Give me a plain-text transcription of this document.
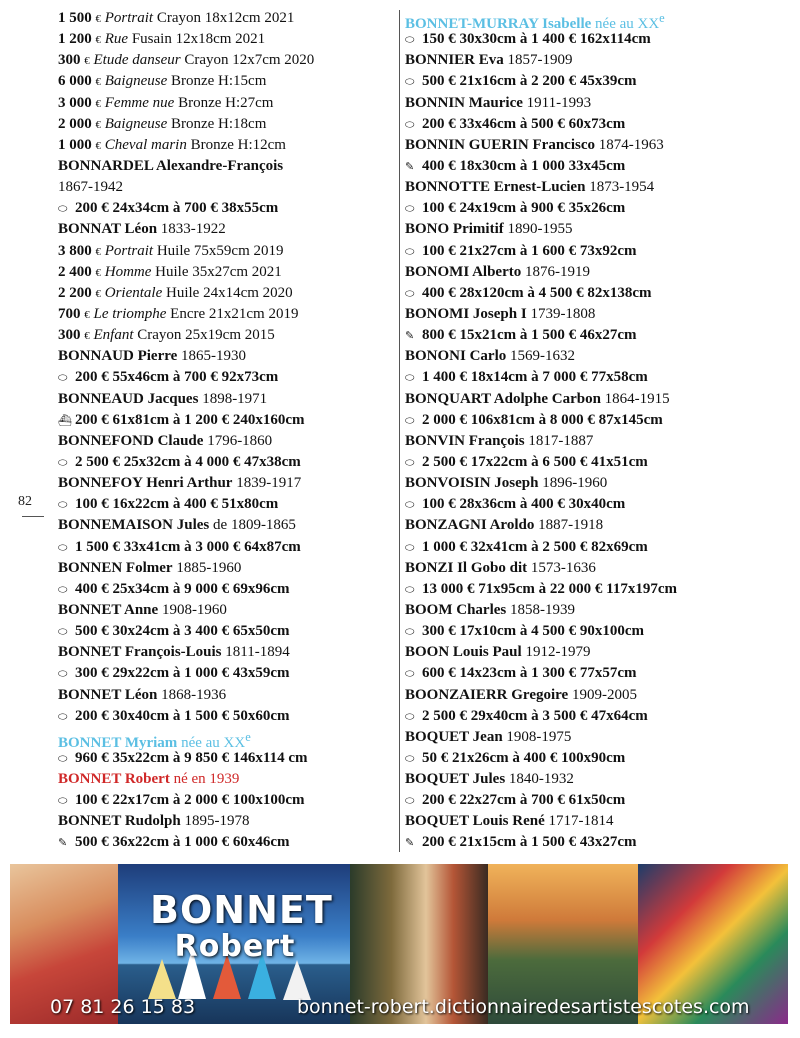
82
1 500 € Portrait Crayon 18x12cm 2021
1 200 € Rue Fusain 12x18cm 2021
300 € Etude danseur Crayon 12x7cm 2020
6 000 € Baigneuse Bronze H:15cm
3 000 € Femme nue Bronze H:27cm
2 000 € Baigneuse Bronze H:18cm
1 000 € Cheval marin Bronze H:12cm
BONNARDEL Alexandre-François
1867-1942
⬭ 200 € 24x34cm à 700 € 38x55cm
BONNAT Léon 1833-1922
3 800 € Portrait Huile 75x59cm 2019
2 400 € Homme Huile 35x27cm 2021
2 200 € Orientale Huile 24x14cm 2020
700 € Le triomphe Encre 21x21cm 2019
300 € Enfant Crayon 25x19cm 2015
BONNAUD Pierre 1865-1930
⬭ 200 € 55x46cm à 700 € 92x73cm
BONNEAUD Jacques 1898-1971
⛴ 200 € 61x81cm à 1 200 € 240x160cm
BONNEFOND Claude 1796-1860
⬭ 2 500 € 25x32cm à 4 000 € 47x38cm
BONNEFOY Henri Arthur 1839-1917
⬭ 100 € 16x22cm à 400 € 51x80cm
BONNEMAISON Jules de 1809-1865
⬭ 1 500 € 33x41cm à 3 000 € 64x87cm
BONNEN Folmer 1885-1960
⬭ 400 € 25x34cm à 9 000 € 69x96cm
BONNET Anne 1908-1960
⬭ 500 € 30x24cm à 3 400 € 65x50cm
BONNET François-Louis 1811-1894
⬭ 300 € 29x22cm à 1 000 € 43x59cm
BONNET Léon 1868-1936
⬭ 200 € 30x40cm à 1 500 € 50x60cm
BONNET Myriam née au XXe
⬭ 960 € 35x22cm à 9 850 € 146x114 cm
BONNET Robert né en 1939
⬭ 100 € 22x17cm à 2 000 € 100x100cm
BONNET Rudolph 1895-1978
✎ 500 € 36x22cm à 1 000 € 60x46cm
BONNET-MURRAY Isabelle née au XXe
⬭ 150 € 30x30cm à 1 400 € 162x114cm
BONNIER Eva 1857-1909
⬭ 500 € 21x16cm à 2 200 € 45x39cm
BONNIN Maurice 1911-1993
⬭ 200 € 33x46cm à 500 € 60x73cm
BONNIN GUERIN Francisco 1874-1963
✎ 400 € 18x30cm à 1 000 33x45cm
BONNOTTE Ernest-Lucien 1873-1954
⬭ 100 € 24x19cm à 900 € 35x26cm
BONO Primitif 1890-1955
⬭ 100 € 21x27cm à 1 600 € 73x92cm
BONOMI Alberto 1876-1919
⬭ 400 € 28x120cm à 4 500 € 82x138cm
BONOMI Joseph I 1739-1808
✎ 800 € 15x21cm à 1 500 € 46x27cm
BONONI Carlo 1569-1632
⬭ 1 400 € 18x14cm à 7 000 € 77x58cm
BONQUART Adolphe Carbon 1864-1915
⬭ 2 000 € 106x81cm à 8 000 € 87x145cm
BONVIN François 1817-1887
⬭ 2 500 € 17x22cm à 6 500 € 41x51cm
BONVOISIN Joseph 1896-1960
⬭ 100 € 28x36cm à 400 € 30x40cm
BONZAGNI Aroldo 1887-1918
⬭ 1 000 € 32x41cm à 2 500 € 82x69cm
BONZI Il Gobo dit 1573-1636
⬭ 13 000 € 71x95cm à 22 000 € 117x197cm
BOOM Charles 1858-1939
⬭ 300 € 17x10cm à 4 500 € 90x100cm
BOON Louis Paul 1912-1979
⬭ 600 € 14x23cm à 1 300 € 77x57cm
BOONZAIERR Gregoire 1909-2005
⬭ 2 500 € 29x40cm à 3 500 € 47x64cm
BOQUET Jean 1908-1975
⬭ 50 € 21x26cm à 400 € 100x90cm
BOQUET Jules 1840-1932
⬭ 200 € 22x27cm à 700 € 61x50cm
BOQUET Louis René 1717-1814
✎ 200 € 21x15cm à 1 500 € 43x27cm
BONNET
Robert
07 81 26 15 83	bonnet-robert.dictionnairedesartistescotes.com
